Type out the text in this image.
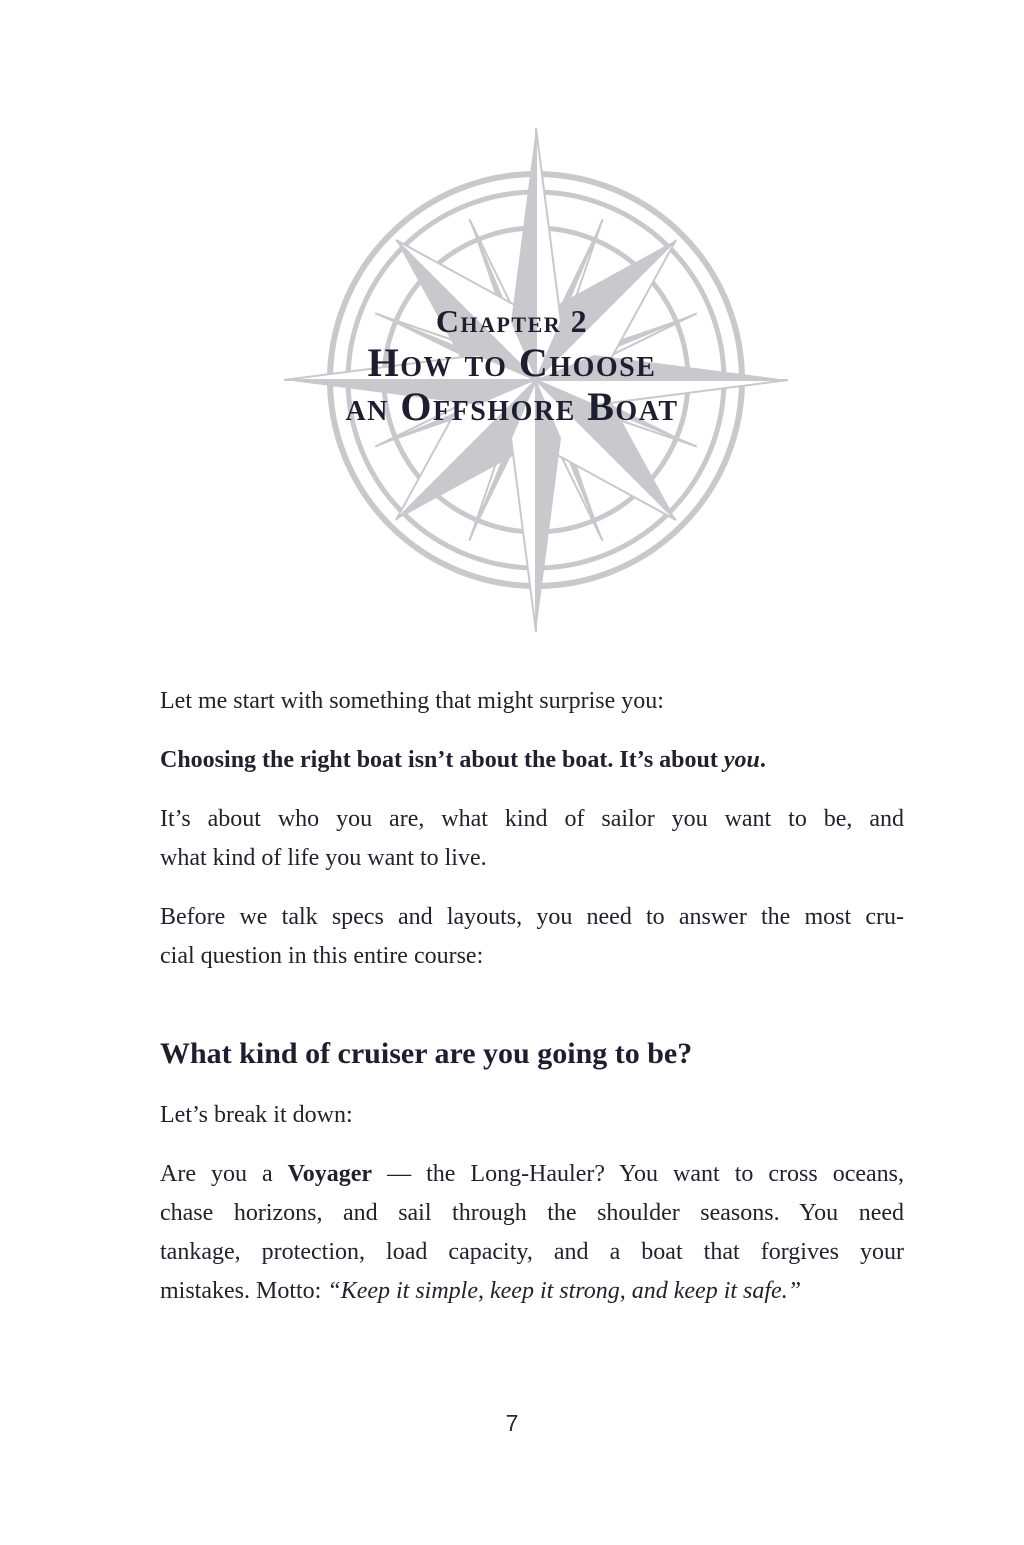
Chapter 2
How to Choose
an Offshore Boat
Let me start with something that might surprise you:
Choosing the right boat isn’t about the boat. It’s about you.
It’s about who you are, what kind of sailor you want to be, and
what kind of life you want to live.
Before we talk specs and layouts, you need to answer the most cru-
cial question in this entire course:
What kind of cruiser are you going to be?
Let’s break it down:
Are you a Voyager — the Long-Hauler? You want to cross oceans,
chase horizons, and sail through the shoulder seasons. You need
tankage, protection, load capacity, and a boat that forgives your
mistakes. Motto: “Keep it simple, keep it strong, and keep it safe.”
7
